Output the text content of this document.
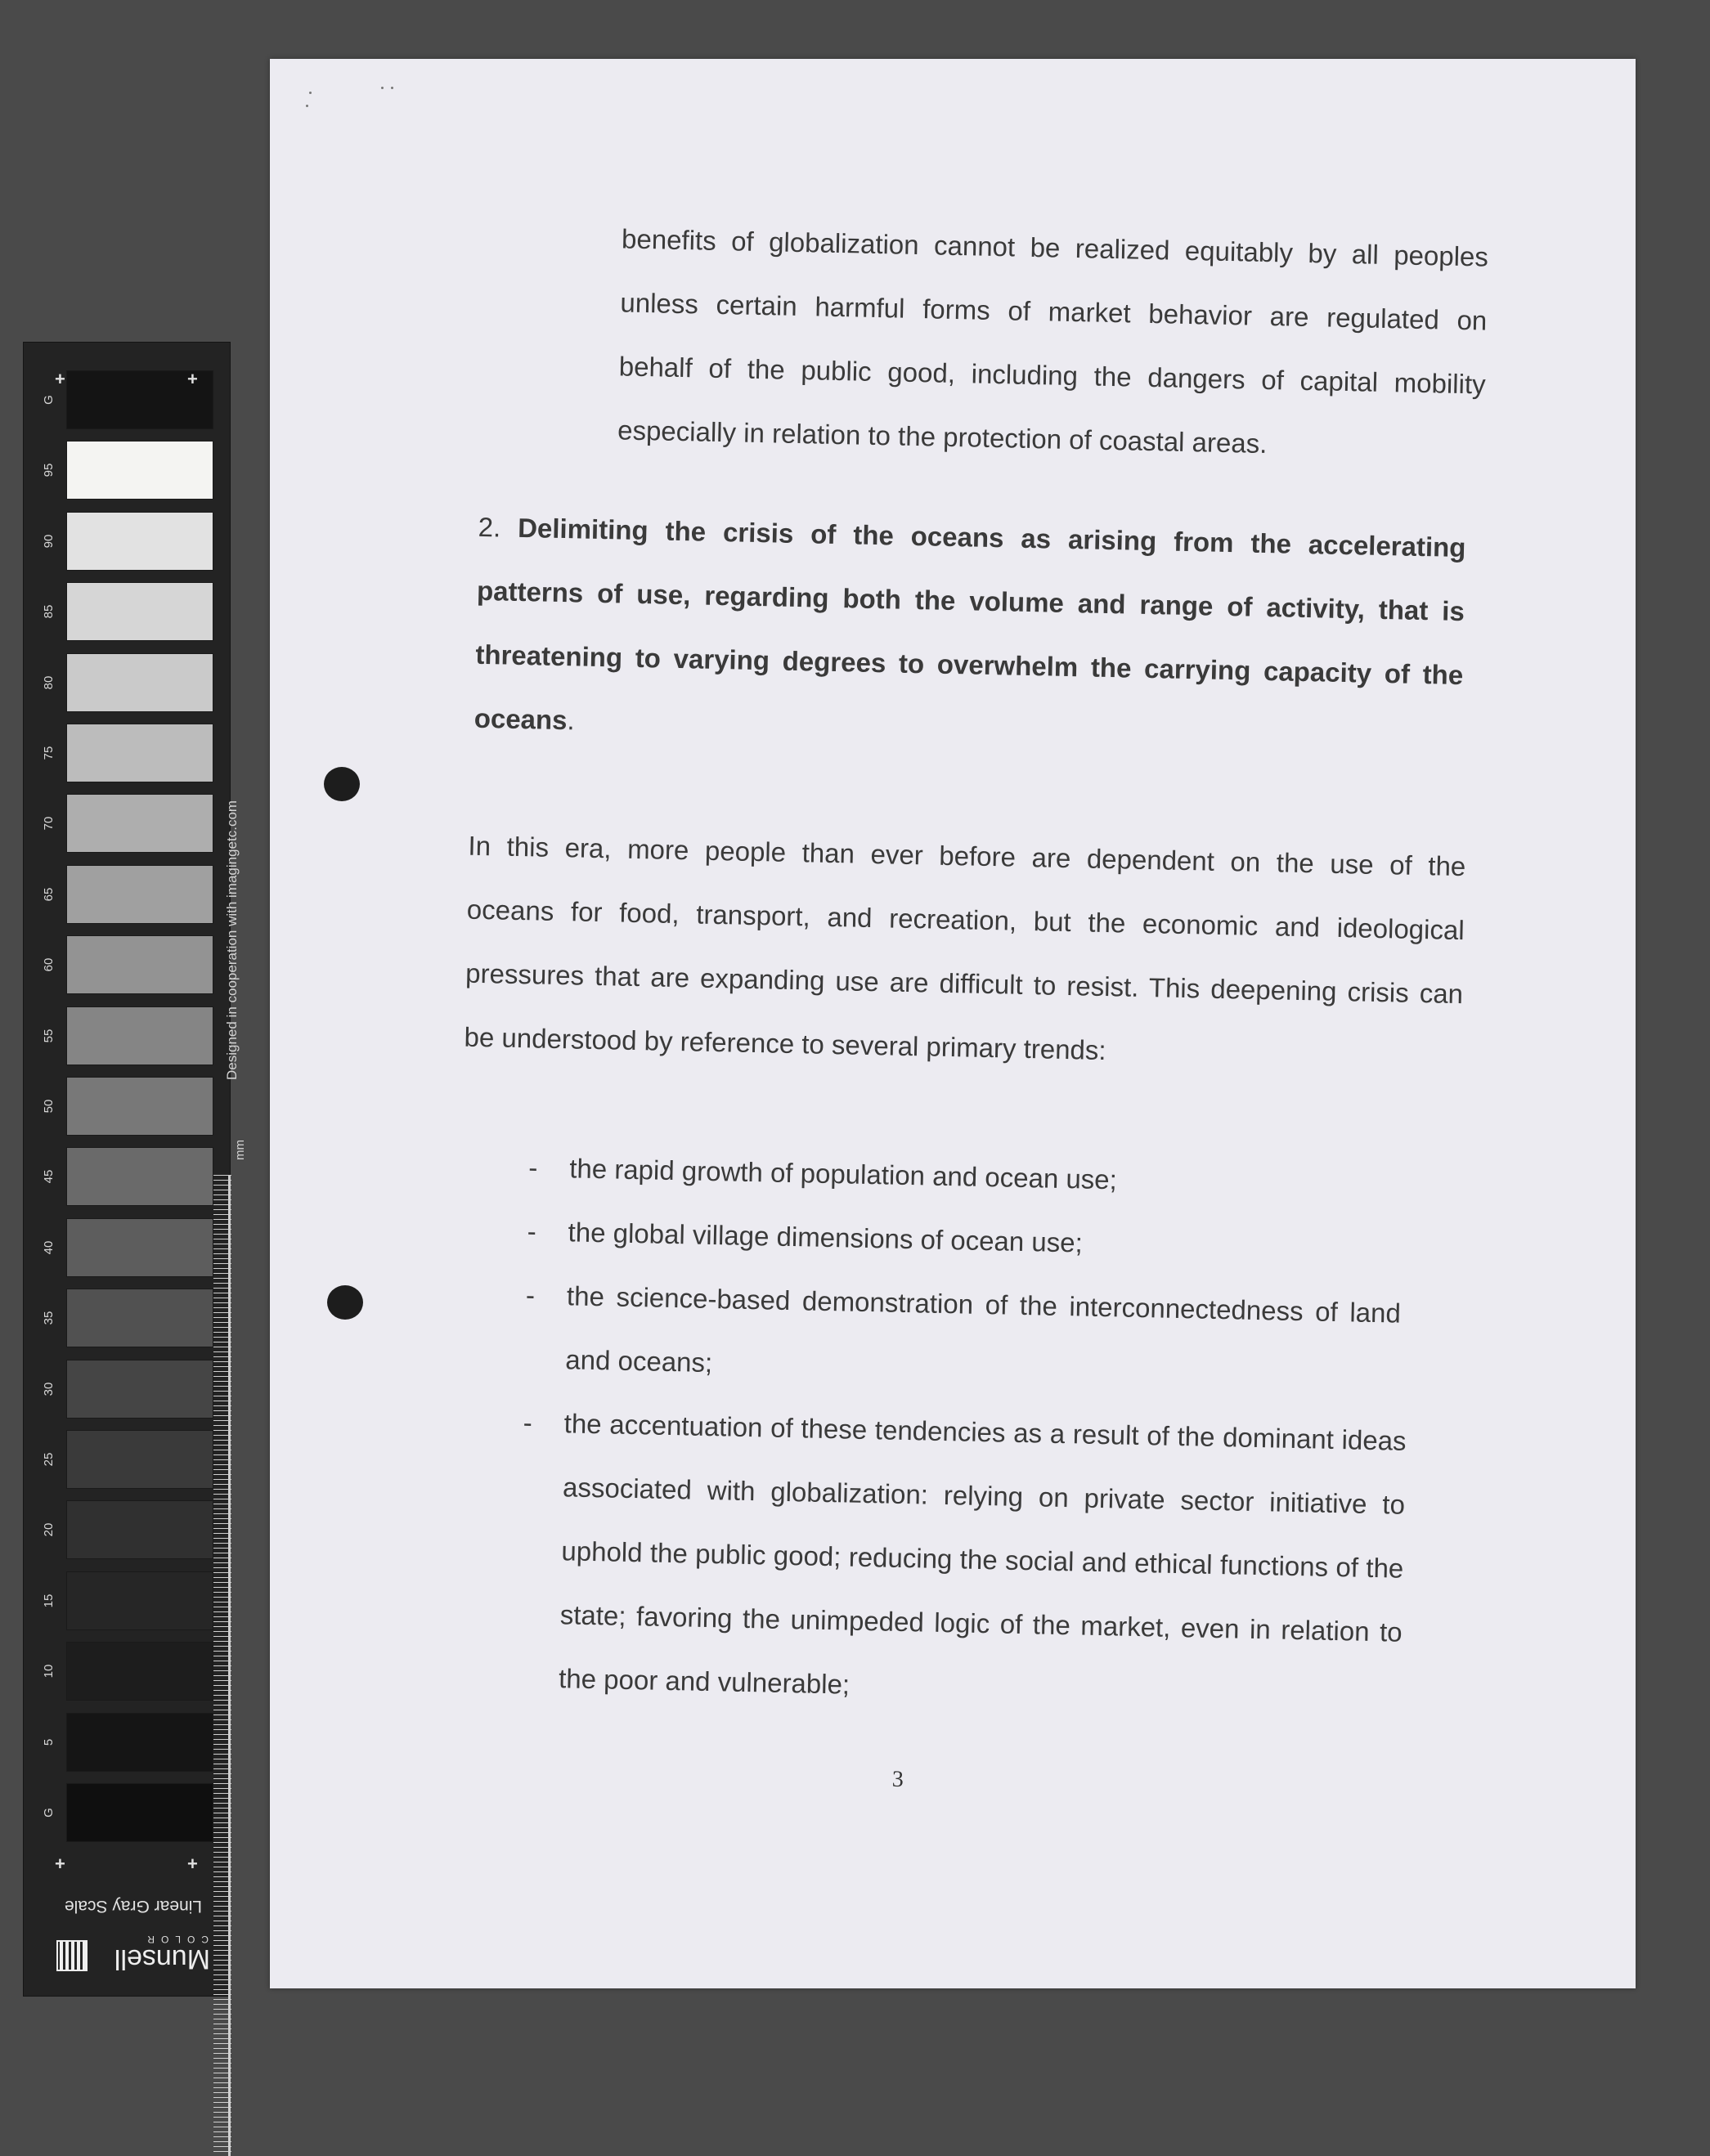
G
95
90
85
80
75
70
65
60
55
50
45
40
35
30
25
20
15
10
5
G
+	+
+	+
Designed in cooperation with imagingetc.com
mm
Linear Gray Scale
Munsell
COLOR
benefits of globalization cannot be realized equitably by all peoples
unless certain harmful forms of market behavior are regulated on
behalf of the public good, including the dangers of capital mobility
especially in relation to the protection of coastal areas.
2. Delimiting the crisis of the oceans as arising from the accelerating
patterns of use, regarding both the volume and range of activity, that is
threatening to varying degrees to overwhelm the carrying capacity of the
oceans.
In this era, more people than ever before are dependent on the use of the
oceans for food, transport, and recreation, but the economic and ideological
pressures that are expanding use are difficult to resist. This deepening crisis can
be understood by reference to several primary trends:
- the rapid growth of population and ocean use;
- the global village dimensions of ocean use;
- the science-based demonstration of the interconnectedness of land
and oceans;
- the accentuation of these tendencies as a result of the dominant ideas
associated with globalization: relying on private sector initiative to
uphold the public good; reducing the social and ethical functions of the
state; favoring the unimpeded logic of the market, even in relation to
the poor and vulnerable;
3
